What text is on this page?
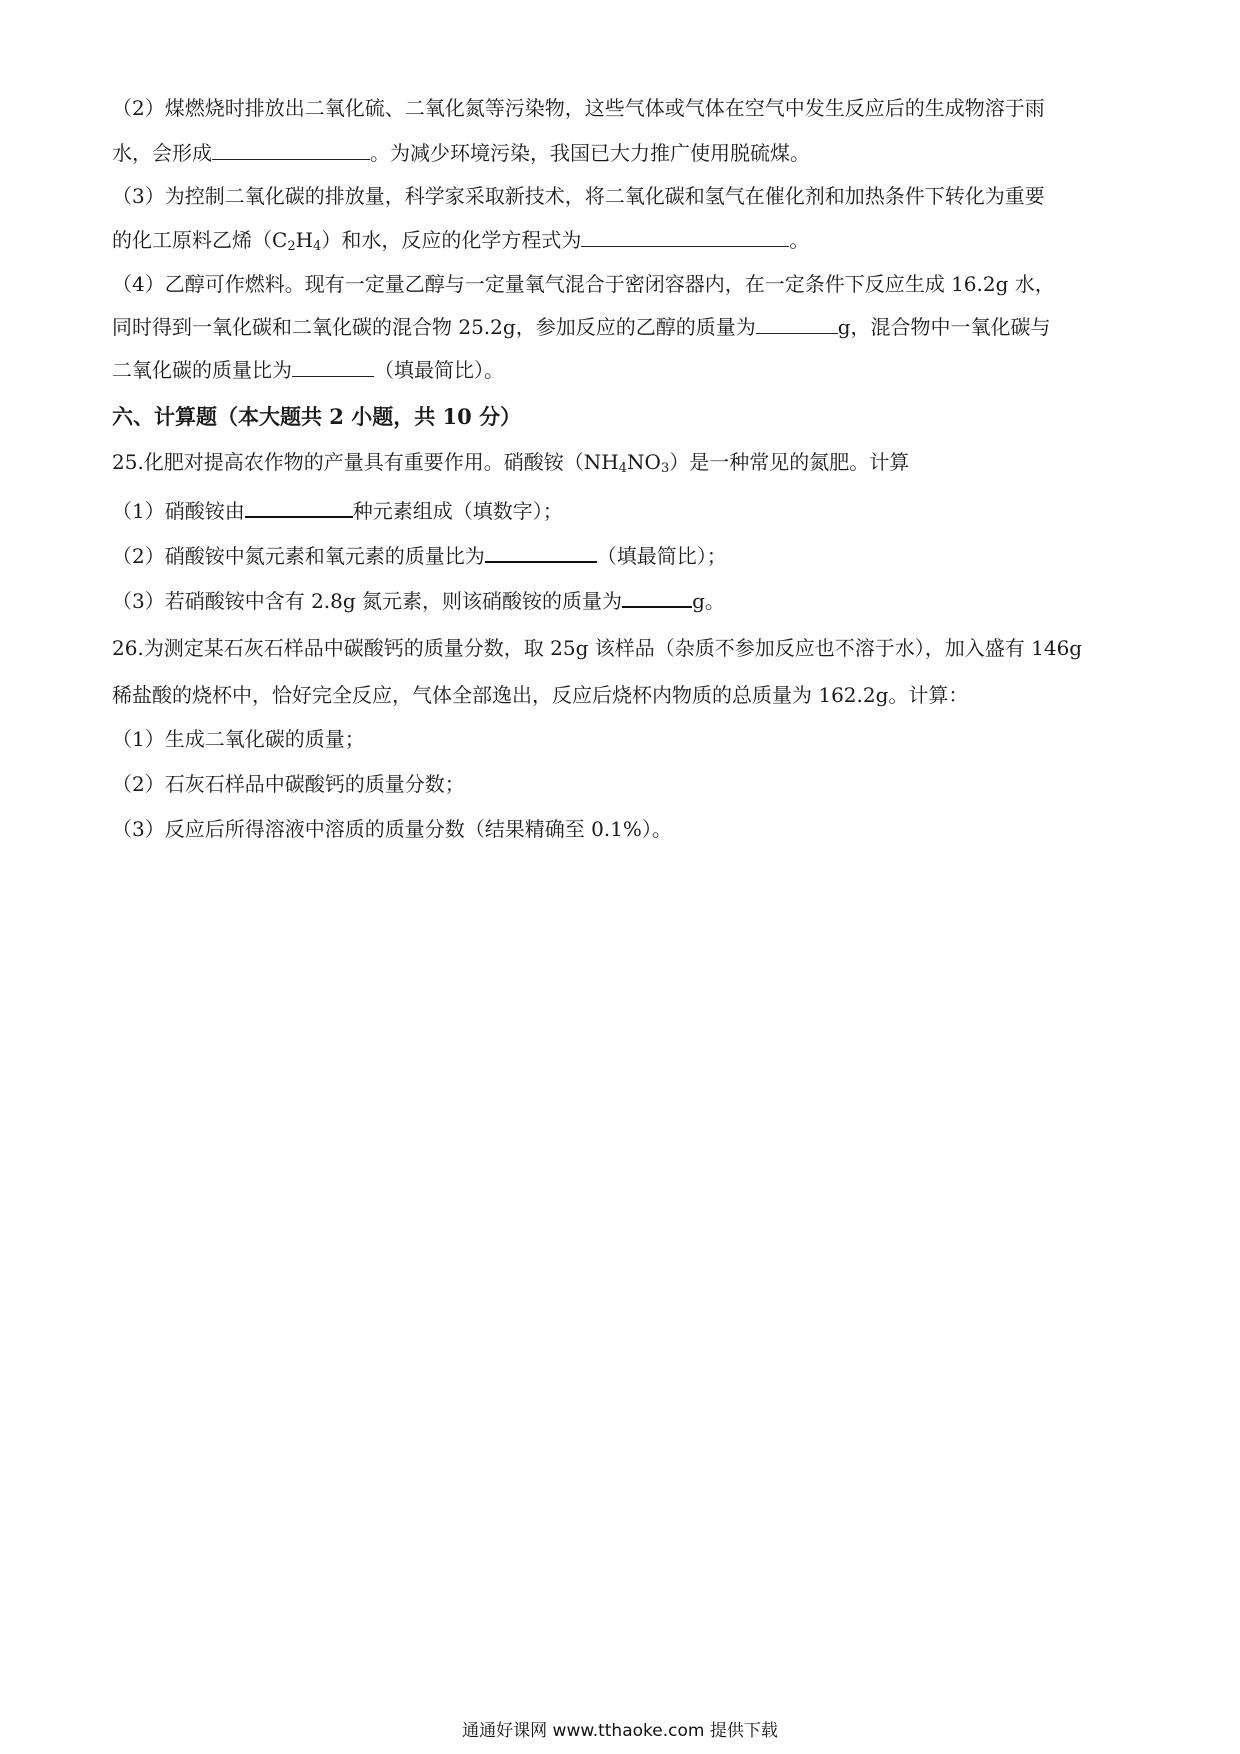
（2）煤燃烧时排放出二氧化硫、二氧化氮等污染物，这些气体或气体在空气中发生反应后的生成物溶于雨
水，会形成	。为减少环境污染，我国已大力推广使用脱硫煤。
（3）为控制二氧化碳的排放量，科学家采取新技术，将二氧化碳和氢气在催化剂和加热条件下转化为重要
的化工原料乙烯$(C_2H_4)$和水，反应的化学方程式为	。
（4）乙醇可作燃料。现有一定量乙醇与一定量氧气混合于密闭容器内，在一定条件下反应生成 16.2g 水，
同时得到一氧化碳和二氧化碳的混合物 25.2g，参加反应的乙醇的质量为	g，混合物中一氧化碳与
二氧化碳的质量比为	（填最简比）。
六、计算题（本大题共 2 小题，共 10 分）
25.化肥对提高农作物的产量具有重要作用。硝酸铵$(NH_4NO_3)$是一种常见的氮肥。计算
（1）硝酸铵由	种元素组成（填数字）；
（2）硝酸铵中氮元素和氧元素的质量比为	（填最简比）；
（3）若硝酸铵中含有 2.8g 氮元素，则该硝酸铵的质量为	g。
26.为测定某石灰石样品中碳酸钙的质量分数，取 25g 该样品（杂质不参加反应也不溶于水），加入盛有 146g
稀盐酸的烧杯中，恰好完全反应，气体全部逸出，反应后烧杯内物质的总质量为 162.2g。计算：
（1）生成二氧化碳的质量；
（2）石灰石样品中碳酸钙的质量分数；
（3）反应后所得溶液中溶质的质量分数（结果精确至 0.1%）。
通通好课网 www.tthaoke.com 提供下载
